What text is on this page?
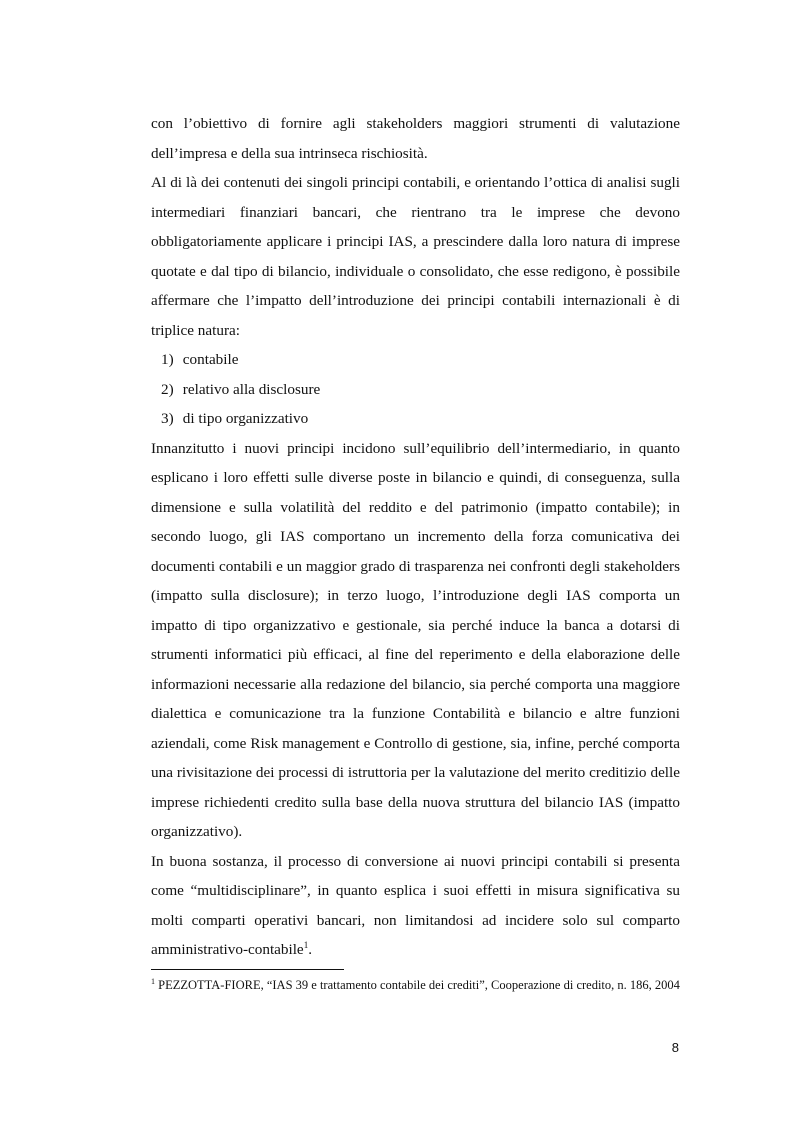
con l’obiettivo di fornire agli stakeholders maggiori strumenti di valutazione dell’impresa e della sua intrinseca rischiosità.

Al di là dei contenuti dei singoli principi contabili, e orientando l’ottica di analisi sugli intermediari finanziari bancari, che rientrano tra le imprese che devono obbligatoriamente applicare i principi IAS, a prescindere dalla loro natura di imprese quotate e dal tipo di bilancio, individuale o consolidato, che esse redigono, è possibile affermare che l’impatto dell’introduzione dei principi contabili internazionali è di triplice natura:

1) contabile
2) relativo alla disclosure
3) di tipo organizzativo

Innanzitutto i nuovi principi incidono sull’equilibrio dell’intermediario, in quanto esplicano i loro effetti sulle diverse poste in bilancio e quindi, di conseguenza, sulla dimensione e sulla volatilità del reddito e del patrimonio (impatto contabile); in secondo luogo, gli IAS comportano un incremento della forza comunicativa dei documenti contabili e un maggior grado di trasparenza nei confronti degli stakeholders (impatto sulla disclosure); in terzo luogo, l’introduzione degli IAS comporta un impatto di tipo organizzativo e gestionale, sia perché induce la banca a dotarsi di strumenti informatici più efficaci, al fine del reperimento e della elaborazione delle informazioni necessarie alla redazione del bilancio, sia perché comporta una maggiore dialettica e comunicazione tra la funzione Contabilità e bilancio e altre funzioni aziendali, come Risk management e Controllo di gestione, sia, infine, perché comporta una rivisitazione dei processi di istruttoria per la valutazione del merito creditizio delle imprese richiedenti credito sulla base della nuova struttura del bilancio IAS (impatto organizzativo).

In buona sostanza, il processo di conversione ai nuovi principi contabili si presenta come “multidisciplinare”, in quanto esplica i suoi effetti in misura significativa su molti comparti operativi bancari, non limitandosi ad incidere solo sul comparto amministrativo-contabile$^1$.

$^1$ PEZZOTTA-FIORE, “IAS 39 e trattamento contabile dei crediti”, Cooperazione di credito, n. 186, 2004
8
